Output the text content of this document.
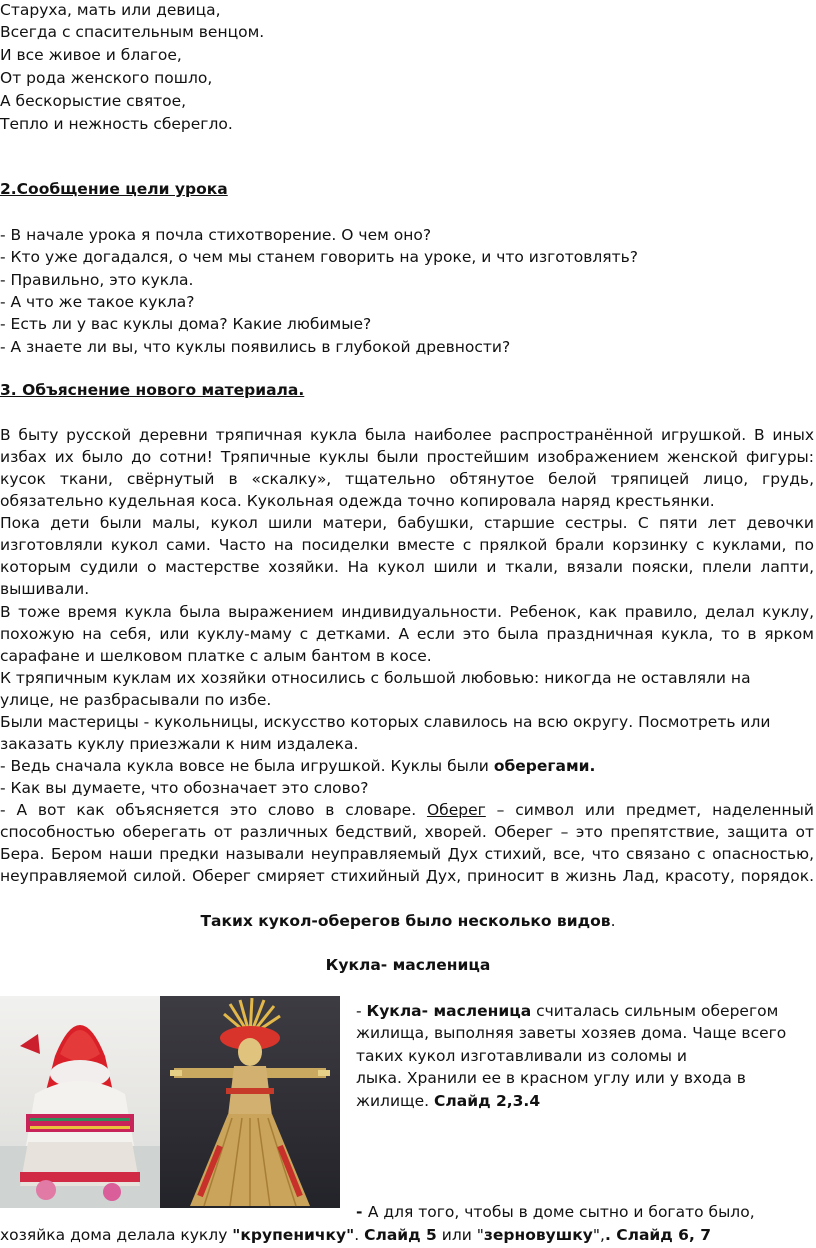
Старуха, мать или девица,
Всегда с спасительным венцом.
И все живое и благое,
От рода женского пошло,
А бескорыстие святое,
Тепло и нежность сберегло.
2.Сообщение цели урока
- В начале урока я почла стихотворение. О чем оно?
- Кто уже догадался, о чем мы станем говорить на уроке, и что изготовлять?
- Правильно, это кукла.
- А что же такое кукла?
- Есть ли у вас куклы дома? Какие любимые?
- А знаете ли вы, что куклы появились в глубокой древности?
3. Объяснение нового материала.
В быту русской деревни тряпичная кукла была наиболее распространённой игрушкой. В иных
избах их было до сотни! Тряпичные куклы были простейшим изображением женской фигуры:
кусок ткани, свёрнутый в «скалку», тщательно обтянутое белой тряпицей лицо, грудь,
обязательно кудельная коса. Кукольная одежда точно копировала наряд крестьянки.
Пока дети были малы, кукол шили матери, бабушки, старшие сестры. С пяти лет девочки
изготовляли кукол сами. Часто на посиделки вместе с прялкой брали корзинку с куклами, по
которым судили о мастерстве хозяйки. На кукол шили и ткали, вязали пояски, плели лапти,
вышивали.
В тоже время кукла была выражением индивидуальности. Ребенок, как правило, делал куклу,
похожую на себя, или куклу-маму с детками. А если это была праздничная кукла, то в ярком
сарафане и шелковом платке с алым бантом в косе.
К тряпичным куклам их хозяйки относились с большой любовью: никогда не оставляли на
улице, не разбрасывали по избе.
Были мастерицы - кукольницы, искусство которых славилось на всю округу. Посмотреть или
заказать куклу приезжали к ним издалека.
- Ведь сначала кукла вовсе не была игрушкой. Куклы были оберегами.
- Как вы думаете, что обозначает это слово?
- А вот как объясняется это слово в словаре. Оберег – символ или предмет, наделенный
способностью оберегать от различных бедствий, хворей. Оберег – это препятствие, защита от
Бера. Бером наши предки называли неуправляемый Дух стихий, все, что связано с опасностью,
неуправляемой силой. Оберег смиряет стихийный Дух, приносит в жизнь Лад, красоту, порядок.
Таких кукол-оберегов было несколько видов.
Кукла- масленица
- Кукла- масленица считалась сильным оберегом
жилища, выполняя заветы хозяев дома. Чаще всего
таких кукол изготавливали из соломы и
лыка. Хранили ее в красном углу или у входа в
жилище. Слайд 2,3.4
- А для того, чтобы в доме сытно и богато было,
хозяйка дома делала куклу "крупеничку". Слайд 5 или "зерновушку",. Слайд 6, 7
